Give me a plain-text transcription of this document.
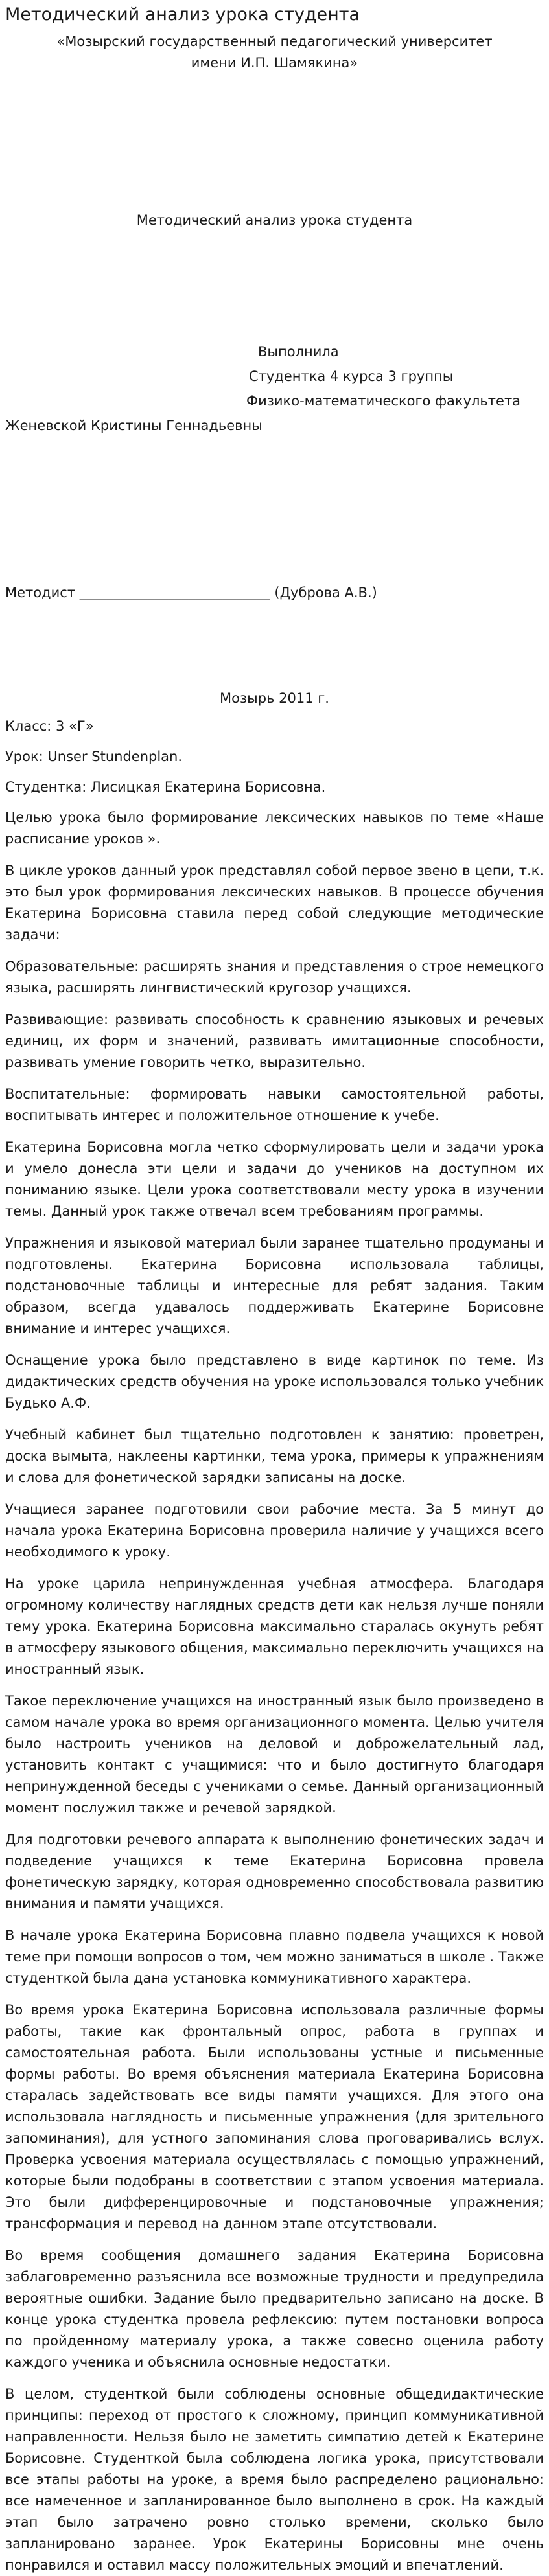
Методический анализ урока студента

«Мозырский государственный педагогический университет

имени И.П. Шамякина»

Методический анализ урока студента

Выполнила

Студентка 4 курса 3 группы

Физико-математического факультета

Женевской Кристины Геннадьевны

Методист ____________________________ (Дуброва А.В.)

Мозырь 2011 г.

Класс: 3 «Г»

Урок: Unser Stundenplan.

Студентка: Лисицкая Екатерина Борисовна.

Целью урока было формирование лексических навыков по теме «Наше расписание уроков ».

В цикле уроков данный урок представлял собой первое звено в цепи, т.к. это был урок формирования лексических навыков. В процессе обучения Екатерина Борисовна ставила перед собой следующие методические задачи:

Образовательные: расширять знания и представления о строе немецкого языка, расширять лингвистический кругозор учащихся.

Развивающие: развивать способность к сравнению языковых и речевых единиц, их форм и значений, развивать имитационные способности, развивать умение говорить четко, выразительно.

Воспитательные: формировать навыки самостоятельной работы, воспитывать интерес и положительное отношение к учебе.

Екатерина Борисовна могла четко сформулировать цели и задачи урока и умело донесла эти цели и задачи до учеников на доступном их пониманию языке. Цели урока соответствовали месту урока в изучении темы. Данный урок также отвечал всем требованиям программы.

Упражнения и языковой материал были заранее тщательно продуманы и подготовлены. Екатерина Борисовна использовала таблицы, подстановочные таблицы и интересные для ребят задания. Таким образом, всегда удавалось поддерживать Екатерине Борисовне внимание и интерес учащихся.

Оснащение урока было представлено в виде картинок по теме. Из дидактических средств обучения на уроке использовался только учебник Будько А.Ф.

Учебный кабинет был тщательно подготовлен к занятию: проветрен, доска вымыта, наклеены картинки, тема урока, примеры к упражнениям и слова для фонетической зарядки записаны на доске.

Учащиеся заранее подготовили свои рабочие места. За 5 минут до начала урока Екатерина Борисовна проверила наличие у учащихся всего необходимого к уроку.

На уроке царила непринужденная учебная атмосфера. Благодаря огромному количеству наглядных средств дети как нельзя лучше поняли тему урока. Екатерина Борисовна максимально старалась окунуть ребят в атмосферу языкового общения, максимально переключить учащихся на иностранный язык.

Такое переключение учащихся на иностранный язык было произведено в самом начале урока во время организационного момента. Целью учителя было настроить учеников на деловой и доброжелательный лад, установить контакт с учащимися: что и было достигнуто благодаря непринужденной беседы с учениками о семье. Данный организационный момент послужил также и речевой зарядкой.

Для подготовки речевого аппарата к выполнению фонетических задач и подведение учащихся к теме Екатерина Борисовна провела фонетическую зарядку, которая одновременно способствовала развитию внимания и памяти учащихся.

В начале урока Екатерина Борисовна плавно подвела учащихся к новой теме при помощи вопросов о том, чем можно заниматься в школе . Также студенткой была дана установка коммуникативного характера.

Во время урока Екатерина Борисовна использовала различные формы работы, такие как фронтальный опрос, работа в группах и самостоятельная работа. Были использованы устные и письменные формы работы. Во время объяснения материала Екатерина Борисовна старалась задействовать все виды памяти учащихся. Для этого она использовала наглядность и письменные упражнения (для зрительного запоминания), для устного запоминания слова проговаривались вслух. Проверка усвоения материала осуществлялась с помощью упражнений, которые были подобраны в соответствии с этапом усвоения материала. Это были дифференцировочные и подстановочные упражнения; трансформация и перевод на данном этапе отсутствовали.

Во время сообщения домашнего задания Екатерина Борисовна заблаговременно разъяснила все возможные трудности и предупредила вероятные ошибки. Задание было предварительно записано на доске. В конце урока студентка провела рефлексию: путем постановки вопроса по пройденному материалу урока, а также совесно оценила работу каждого ученика и объяснила основные недостатки.

В целом, студенткой были соблюдены основные общедидактические принципы: переход от простого к сложному, принцип коммуникативной направленности. Нельзя было не заметить симпатию детей к Екатерине Борисовне. Студенткой была соблюдена логика урока, присутствовали все этапы работы на уроке, а время было распределено рационально: все намеченное и запланированное было выполнено в срок. На каждый этап было затрачено ровно столько времени, сколько было запланировано заранее. Урок Екатерины Борисовны мне очень понравился и оставил массу положительных эмоций и впечатлений.
